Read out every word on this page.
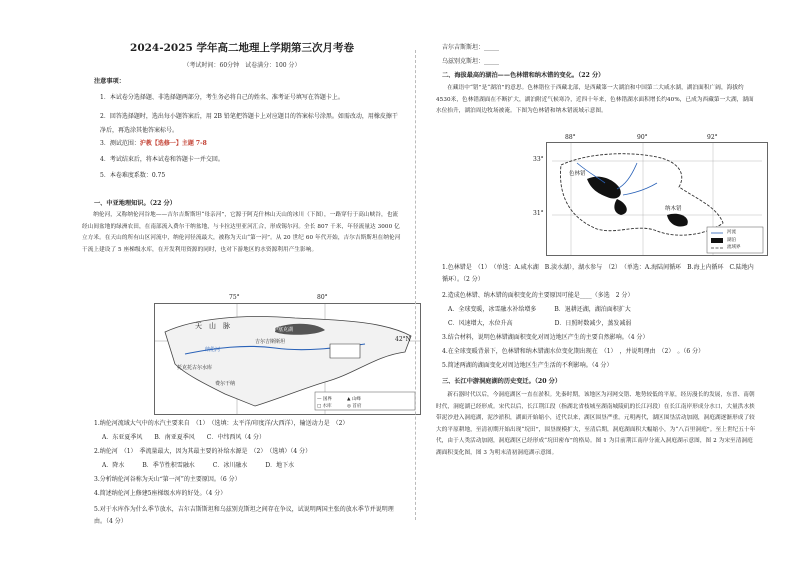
2024-2025 学年高二地理上学期第三次月考卷
（考试时间：60分钟　试卷满分：100 分）
注意事项：
1．本试卷分选择题、非选择题两部分，考生务必将自己的姓名、准考证号填写在答题卡上。
2．回答选择题时，选出每小题答案后，用 2B 铅笔把答题卡上对应题目的答案标号涂黑。如需改动，用橡皮擦干净后，再选涂其他答案标号。
3．测试范围：沪教【选修一】主题 7-8
4．考试结束后，将本试卷和答题卡一并交回。
5．本卷难度系数：0.75
一、中亚地理知识。（22 分）
纳伦河，又称纳伦河谷地——吉尔吉斯斯坦“母亲河”，它源于阿克什林山天山的冰川（下图），一路穿行于高山峡谷，也流经山间盆地的绿洲农田，在南部流入费尔干纳盆地，与卡拉达里亚河汇合，形成锡尔河。全长 807 千米，年径流量达 3000 亿立方米。在天山的所有山区河流中，纳伦河径流最大，被称为天山“第一河”。从 20 世纪 60 年代开始，吉尔吉斯斯坦在纳伦河干流上建设了 5 座梯级水库，在开发利用资源的同时，也对下游地区的水资源利用产生影响。
75°	80°
42°N
天　山　脉	伊塞克湖
吉尔吉斯斯坦
纳伦河
托克托古尔水库
费尔干纳
— 国界	▲ 山峰
□ 水库	◎ 首府
1.纳伦河流域大气中的水汽主要来自　（1）　（选填：太平洋/印度洋/大西洋），输送动力是　（2）
A．东亚夏季风　　B．南亚夏季风　　C．中纬西风（4 分）
2.纳伦河　（1）　季流量最大，因为其最主要的补给水源是　（2）　（选填）（4 分）
A．降水　　　B．季节性积雪融水　　　C．冰川融水　　　D．地下水
3.分析纳伦河谷称为天山“第一河”的主要原因。（6 分）
4.简述纳伦河上修建5座梯级水库的好处。（4 分）
5.对于水库作为什么季节放水，吉尔吉斯斯坦和乌兹别克斯坦之间存在争议，试说明两国主张的放水季节并说明理由。（4 分）
吉尔吉斯斯坦：_____
乌兹别克斯坦：_____
二、海拔最高的湖泊——色林错和纳木错的变化。（22 分）
在藏语中“错”是“湖泊”的意思。色林错位于西藏北部，是西藏第一大湖泊和中国第二大咸水湖，湖泊面积广阔，海拔约4530米，色林错湖面在不断扩大，湖泊附近气候寒冷，近四十年来，色林错湖水面积增长约40%，已成为西藏第一大湖，湖面水位抬升，湖泊周边牧场被淹。下图为色林错和纳木错流域示意图。
88°	90°	92°
33°
31°
色林错
纳木错
河流
湖泊
流域界
1.色林错是　（1）　（单选：A.咸水湖　B.淡水湖），湖水参与　（2）　（单选：A.海陆间循环　B.海上内循环　C.陆地内循环）。（2 分）
2.造成色林错、纳木错的面积变化的主要原因可能是____（多选　2 分）
A．全球变暖，冰雪融水补给增多　　　B．退耕还湖，湖泊面积扩大
C．风速增大，水位升高　　　　　　　D．日照时数减少，蒸发减弱
3.结合材料，说明色林错湖面积变化对周边地区产生的主要自然影响。（4 分）
4.在全球变暖背景下，色林错和纳木错湖水位变化期出现在　（1）　，并说明理由　（2）　。（6 分）
5.简述两湖的湖面变化对周边地区生产生活的不利影响。（4 分）
三、长江中游洞庭湖的历史变迁。（20 分）
新石器时代以后，今洞庭湖区一直在淤积。先秦时期，该地区为河网交错、地势较低的平原，经历漫长的发展，东晋、南朝时代，洞庭湖已经形成。宋代以后，长江荆江段（指湖北省枝城至湖南城陵矶的长江河段）在长江南岸形成分水口，大量洪水挟带泥沙进入洞庭湖，泥沙淤积，湖面开始缩小，近代以来，湖区围垦严重。元明两代，湖区围垦活动加剧，洞庭湖逐渐形成了较大的平原耕地，至清初期开始出现“垸田”，围垦规模扩大，至清后期，洞庭湖面积大幅缩小，为“八百里洞庭”。至上世纪五十年代，由于人类活动加剧，洞庭湖区已经形成“垸田密布”的格局。图 1 为目前荆江南岸分流入洞庭湖示意图，图 2 为宋至清洞庭湖面积变化图，图 3 为明末清初洞庭湖示意图。
